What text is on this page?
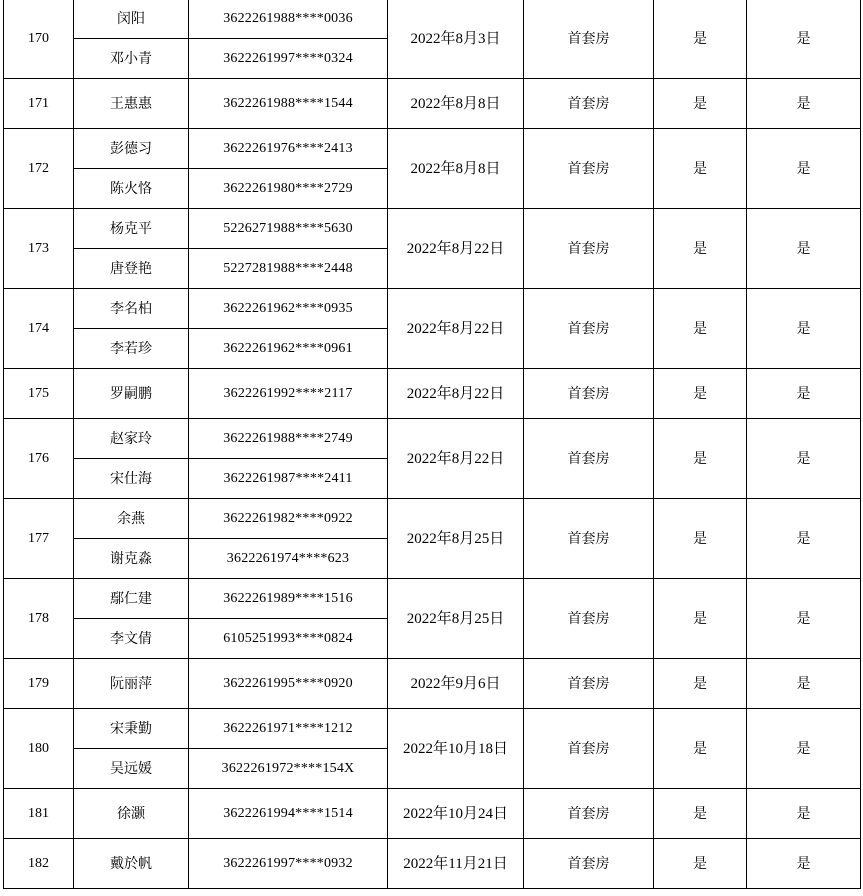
170	闵阳	3622261988****0036	2022年8月3日	首套房	是	是
	邓小青	3622261997****0324				
171	王惠惠	3622261988****1544	2022年8月8日	首套房	是	是
172	彭德习	3622261976****2413	2022年8月8日	首套房	是	是
	陈火恪	3622261980****2729				
173	杨克平	5226271988****5630	2022年8月22日	首套房	是	是
	唐登艳	5227281988****2448				
174	李名柏	3622261962****0935	2022年8月22日	首套房	是	是
	李若珍	3622261962****0961				
175	罗嗣鹏	3622261992****2117	2022年8月22日	首套房	是	是
176	赵家玲	3622261988****2749	2022年8月22日	首套房	是	是
	宋仕海	3622261987****2411				
177	余燕	3622261982****0922	2022年8月25日	首套房	是	是
	谢克淼	3622261974****623				
178	鄢仁建	3622261989****1516	2022年8月25日	首套房	是	是
	李文倩	6105251993****0824				
179	阮丽萍	3622261995****0920	2022年9月6日	首套房	是	是
180	宋秉勤	3622261971****1212	2022年10月18日	首套房	是	是
	吴远媛	3622261972****154X				
181	徐灏	3622261994****1514	2022年10月24日	首套房	是	是
182	戴於帆	3622261997****0932	2022年11月21日	首套房	是	是
